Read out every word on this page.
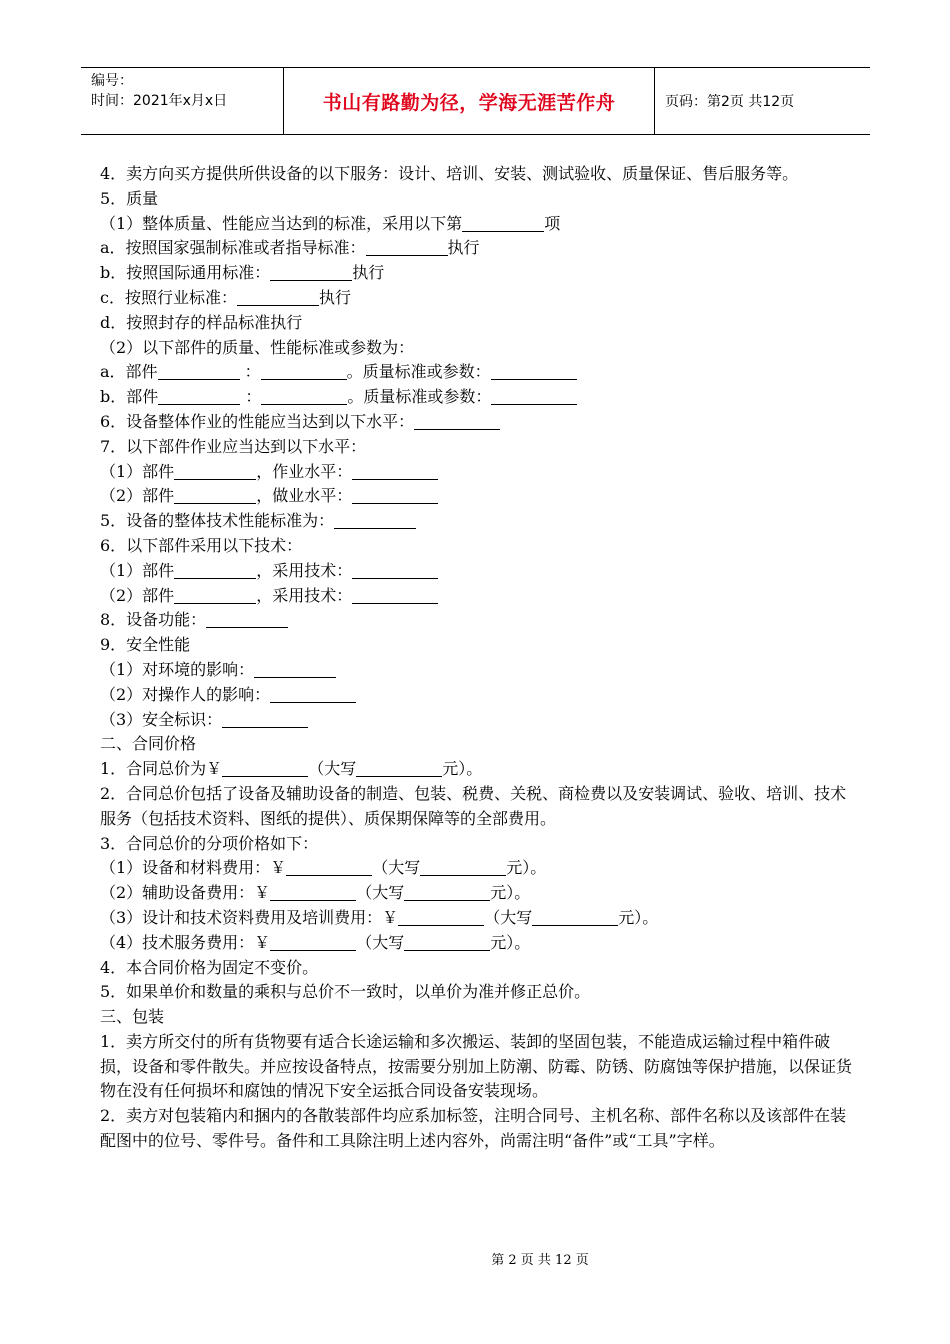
编号：
时间：2021年x月x日	书山有路勤为径，学海无涯苦作舟	页码：第2页 共12页

4．卖方向买方提供所供设备的以下服务：设计、培训、安装、测试验收、质量保证、售后服务等。

5．质量

（1）整体质量、性能应当达到的标准，采用以下第	项

a．按照国家强制标准或者指导标准：	执行

b．按照国际通用标准：	执行

c．按照行业标准：	执行

d．按照封存的样品标准执行

（2）以下部件的质量、性能标准或参数为：

a．部件	：	。质量标准或参数：

b．部件	：	。质量标准或参数：

6．设备整体作业的性能应当达到以下水平：

7．以下部件作业应当达到以下水平：

（1）部件	，作业水平：

（2）部件	，做业水平：

5．设备的整体技术性能标准为：

6．以下部件采用以下技术：

（1）部件	，采用技术：

（2）部件	，采用技术：

8．设备功能：

9．安全性能

（1）对环境的影响：

（2）对操作人的影响：

（3）安全标识：

二、合同价格

1．合同总价为￥	（大写	元）。

2．合同总价包括了设备及辅助设备的制造、包装、税费、关税、商检费以及安装调试、验收、培训、技术服务（包括技术资料、图纸的提供）、质保期保障等的全部费用。

3．合同总价的分项价格如下：

（1）设备和材料费用：￥	（大写	元）。

（2）辅助设备费用：￥	（大写	元）。

（3）设计和技术资料费用及培训费用：￥	（大写	元）。

（4）技术服务费用：￥	（大写	元）。

4．本合同价格为固定不变价。

5．如果单价和数量的乘积与总价不一致时，以单价为准并修正总价。

三、包装

1．卖方所交付的所有货物要有适合长途运输和多次搬运、装卸的坚固包装，不能造成运输过程中箱件破损，设备和零件散失。并应按设备特点，按需要分别加上防潮、防霉、防锈、防腐蚀等保护措施，以保证货物在没有任何损坏和腐蚀的情况下安全运抵合同设备安装现场。

2．卖方对包装箱内和捆内的各散装部件均应系加标签，注明合同号、主机名称、部件名称以及该部件在装配图中的位号、零件号。备件和工具除注明上述内容外，尚需注明“备件”或“工具”字样。

第 2 页 共 12 页
